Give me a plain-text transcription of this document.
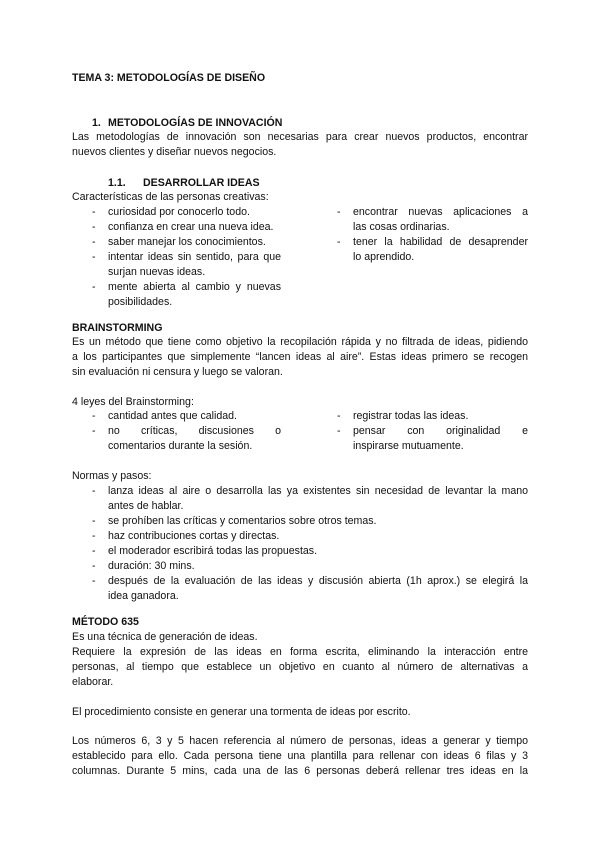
TEMA 3: METODOLOGÍAS DE DISEÑO
1. METODOLOGÍAS DE INNOVACIÓN
Las metodologías de innovación son necesarias para crear nuevos productos, encontrar
nuevos clientes y diseñar nuevos negocios.
1.1. DESARROLLAR IDEAS
Características de las personas creativas:
- curiosidad por conocerlo todo.
- confianza en crear una nueva idea.
- saber manejar los conocimientos.
- intentar ideas sin sentido, para que
surjan nuevas ideas.
- mente abierta al cambio y nuevas
posibilidades.
- encontrar nuevas aplicaciones a
las cosas ordinarias.
- tener la habilidad de desaprender
lo aprendido.
BRAINSTORMING
Es un método que tiene como objetivo la recopilación rápida y no filtrada de ideas, pidiendo
a los participantes que simplemente “lancen ideas al aire”. Estas ideas primero se recogen
sin evaluación ni censura y luego se valoran.
4 leyes del Brainstorming:
- cantidad antes que calidad.
- no críticas, discusiones o
comentarios durante la sesión.
- registrar todas las ideas.
- pensar con originalidad e
inspirarse mutuamente.
Normas y pasos:
- lanza ideas al aire o desarrolla las ya existentes sin necesidad de levantar la mano
antes de hablar.
- se prohíben las críticas y comentarios sobre otros temas.
- haz contribuciones cortas y directas.
- el moderador escribirá todas las propuestas.
- duración: 30 mins.
- después de la evaluación de las ideas y discusión abierta (1h aprox.) se elegirá la
idea ganadora.
MÉTODO 635
Es una técnica de generación de ideas.
Requiere la expresión de las ideas en forma escrita, eliminando la interacción entre
personas, al tiempo que establece un objetivo en cuanto al número de alternativas a
elaborar.
El procedimiento consiste en generar una tormenta de ideas por escrito.
Los números 6, 3 y 5 hacen referencia al número de personas, ideas a generar y tiempo
establecido para ello. Cada persona tiene una plantilla para rellenar con ideas 6 filas y 3
columnas. Durante 5 mins, cada una de las 6 personas deberá rellenar tres ideas en la
